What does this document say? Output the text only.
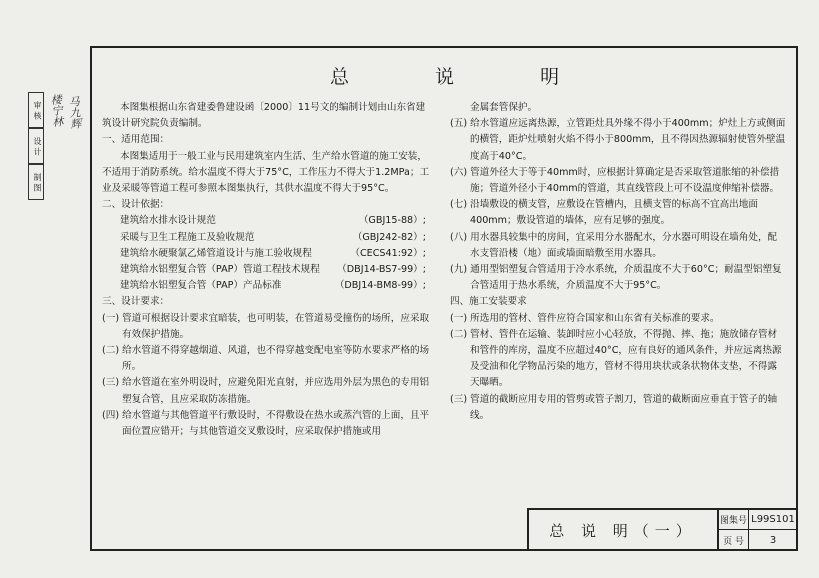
审 核
设 计
制 图
楼宁林 马九辉
总 说 明

本图集根据山东省建委鲁建设函〔2000〕11号文的编制计划由山东省建筑设计研究院负责编制。

一、适用范围：

本图集适用于一般工业与民用建筑室内生活、生产给水管道的施工安装，不适用于消防系统。给水温度不得大于75°C，工作压力不得大于1.2MPa；工业及采暖等管道工程可参照本图集执行，其供水温度不得大于95°C。

二、设计依据：

建筑给水排水设计规范	（GBJ15-88）;
采暖与卫生工程施工及验收规范	（GBJ242-82）;
建筑给水硬聚氯乙烯管道设计与施工验收规程	（CECS41:92）;
建筑给水铝塑复合管（PAP）管道工程技术规程 （DBJ14-BS7-99）;
建筑给水铝塑复合管（PAP）产品标准	（DBJ14-BM8-99）;

三、设计要求：

(一) 管道可根据设计要求宜暗装，也可明装，在管道易受撞伤的场所，应采取有效保护措施。

(二) 给水管道不得穿越烟道、风道，也不得穿越变配电室等防水要求严格的场所。

(三) 给水管道在室外明设时，应避免阳光直射，并应选用外层为黑色的专用铝塑复合管，且应采取防冻措施。

(四) 给水管道与其他管道平行敷设时，不得敷设在热水或蒸汽管的上面，且平面位置应错开；与其他管道交叉敷设时，应采取保护措施或用

金属套管保护。

(五) 给水管道应远离热源，立管距灶具外缘不得小于400mm；炉灶上方或侧面的横管，距炉灶喷射火焰不得小于800mm，且不得因热源辐射使管外壁温度高于40°C。

(六) 管道外径大于等于40mm时，应根据计算确定是否采取管道胀缩的补偿措施；管道外径小于40mm的管道，其直线管段上可不设温度伸缩补偿器。

(七) 沿墙敷设的横支管，应敷设在管槽内，且横支管的标高不宜高出地面400mm；敷设管道的墙体，应有足够的强度。

(八) 用水器具较集中的房间，宜采用分水器配水，分水器可明设在墙角处，配水支管沿楼（地）面或墙面暗敷至用水器具。

(九) 通用型铝塑复合管适用于冷水系统，介质温度不大于60°C；耐温型铝塑复合管适用于热水系统，介质温度不大于95°C。

四、施工安装要求

(一) 所选用的管材、管件应符合国家和山东省有关标准的要求。

(二) 管材、管件在运输、装卸时应小心轻放，不得抛、摔、拖；施放储存管材和管件的库房，温度不应超过40°C，应有良好的通风条件，并应远离热源及受油和化学物品污染的地方，管材不得用块状或条状物体支垫，不得露天曝晒。

(三) 管道的截断应用专用的管剪或管子割刀，管道的截断面应垂直于管子的轴线。

总 说 明（一）
图集号 L99S101
页 号	3
